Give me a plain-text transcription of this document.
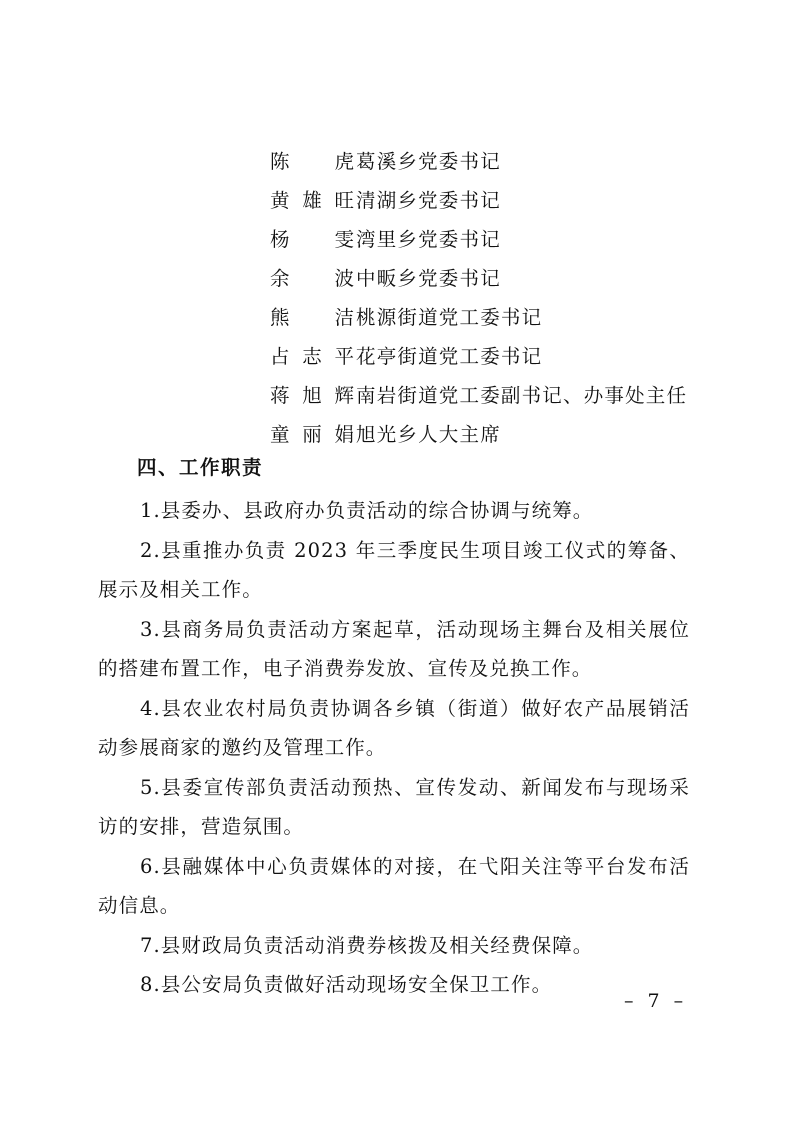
陈　虎 葛溪乡党委书记
黄雄旺 清湖乡党委书记
杨　雯 湾里乡党委书记
余　波 中畈乡党委书记
熊　洁 桃源街道党工委书记
占志平 花亭街道党工委书记
蒋旭辉 南岩街道党工委副书记、办事处主任
童丽娟 旭光乡人大主席
四、工作职责

1.县委办、县政府办负责活动的综合协调与统筹。

2.县重推办负责 2023 年三季度民生项目竣工仪式的筹备、展示及相关工作。

3.县商务局负责活动方案起草，活动现场主舞台及相关展位的搭建布置工作，电子消费券发放、宣传及兑换工作。

4.县农业农村局负责协调各乡镇（街道）做好农产品展销活动参展商家的邀约及管理工作。

5.县委宣传部负责活动预热、宣传发动、新闻发布与现场采访的安排，营造氛围。

6.县融媒体中心负责媒体的对接，在弋阳关注等平台发布活动信息。

7.县财政局负责活动消费券核拨及相关经费保障。

8.县公安局负责做好活动现场安全保卫工作。

– 7 –
